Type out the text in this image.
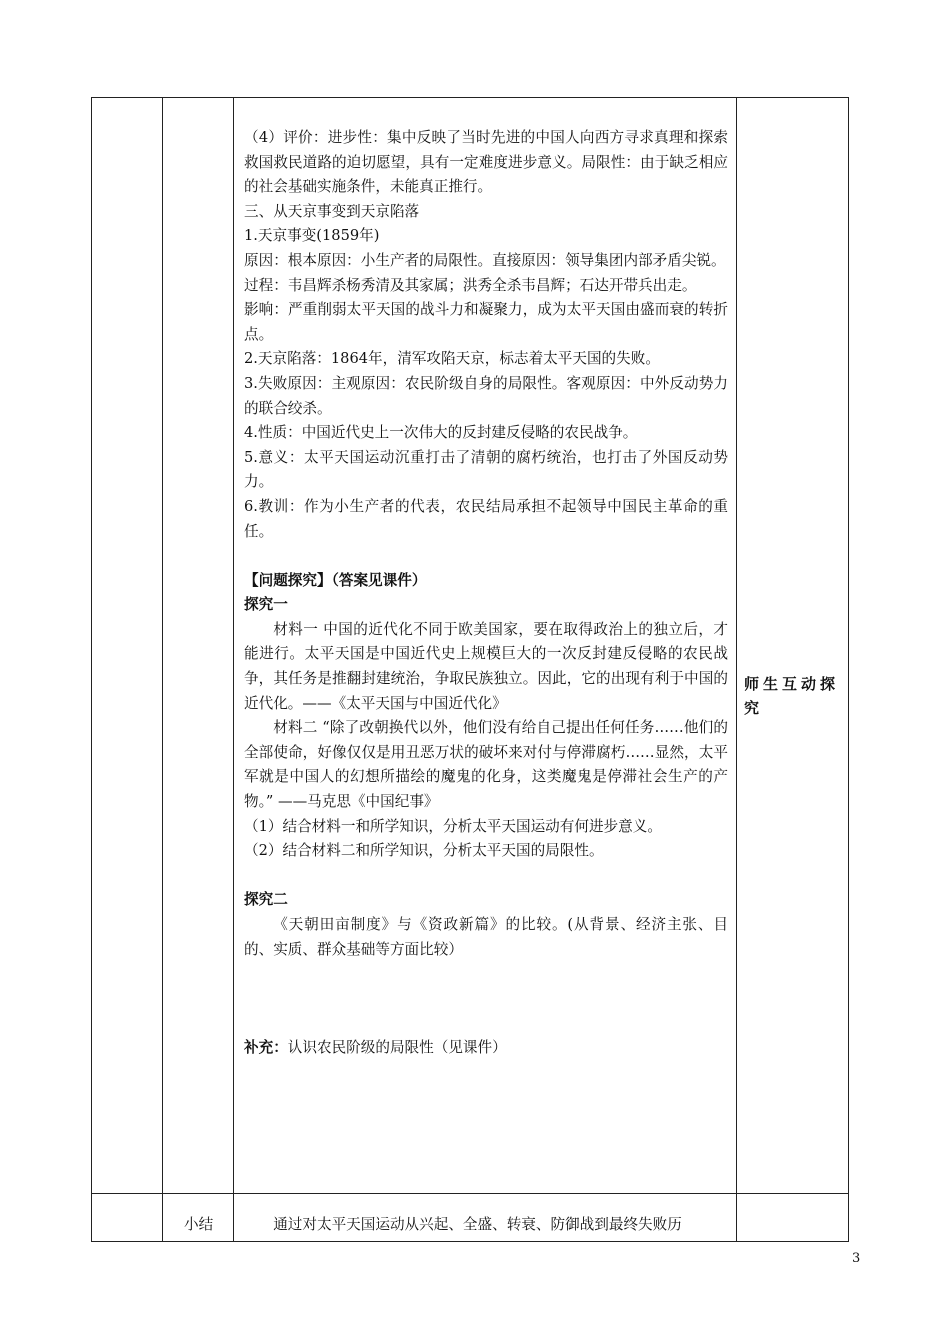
（4）评价：进步性：集中反映了当时先进的中国人向西方寻求真理和探索救国救民道路的迫切愿望，具有一定难度进步意义。局限性：由于缺乏相应的社会基础实施条件，未能真正推行。

三、从天京事变到天京陷落

1.天京事变(1859年)

原因：根本原因：小生产者的局限性。直接原因：领导集团内部矛盾尖锐。

过程：韦昌辉杀杨秀清及其家属；洪秀全杀韦昌辉；石达开带兵出走。

影响：严重削弱太平天国的战斗力和凝聚力，成为太平天国由盛而衰的转折点。

2.天京陷落：1864年，清军攻陷天京，标志着太平天国的失败。

3.失败原因：主观原因：农民阶级自身的局限性。客观原因：中外反动势力的联合绞杀。

4.性质：中国近代史上一次伟大的反封建反侵略的农民战争。

5.意义：太平天国运动沉重打击了清朝的腐朽统治，也打击了外国反动势力。

6.教训：作为小生产者的代表，农民结局承担不起领导中国民主革命的重任。

【问题探究】（答案见课件）

探究一

材料一 中国的近代化不同于欧美国家，要在取得政治上的独立后，才能进行。太平天国是中国近代史上规模巨大的一次反封建反侵略的农民战争，其任务是推翻封建统治，争取民族独立。因此，它的出现有利于中国的近代化。——《太平天国与中国近代化》

材料二 “除了改朝换代以外，他们没有给自己提出任何任务……他们的全部使命，好像仅仅是用丑恶万状的破坏来对付与停滞腐朽……显然，太平军就是中国人的幻想所描绘的魔鬼的化身，这类魔鬼是停滞社会生产的产物。” ——马克思《中国纪事》

（1）结合材料一和所学知识，分析太平天国运动有何进步意义。

（2）结合材料二和所学知识，分析太平天国的局限性。

探究二

《天朝田亩制度》与《资政新篇》的比较。(从背景、经济主张、目的、实质、群众基础等方面比较）

补充：认识农民阶级的局限性（见课件）

师生互动探究
小结	通过对太平天国运动从兴起、全盛、转衰、防御战到最终失败历
3
